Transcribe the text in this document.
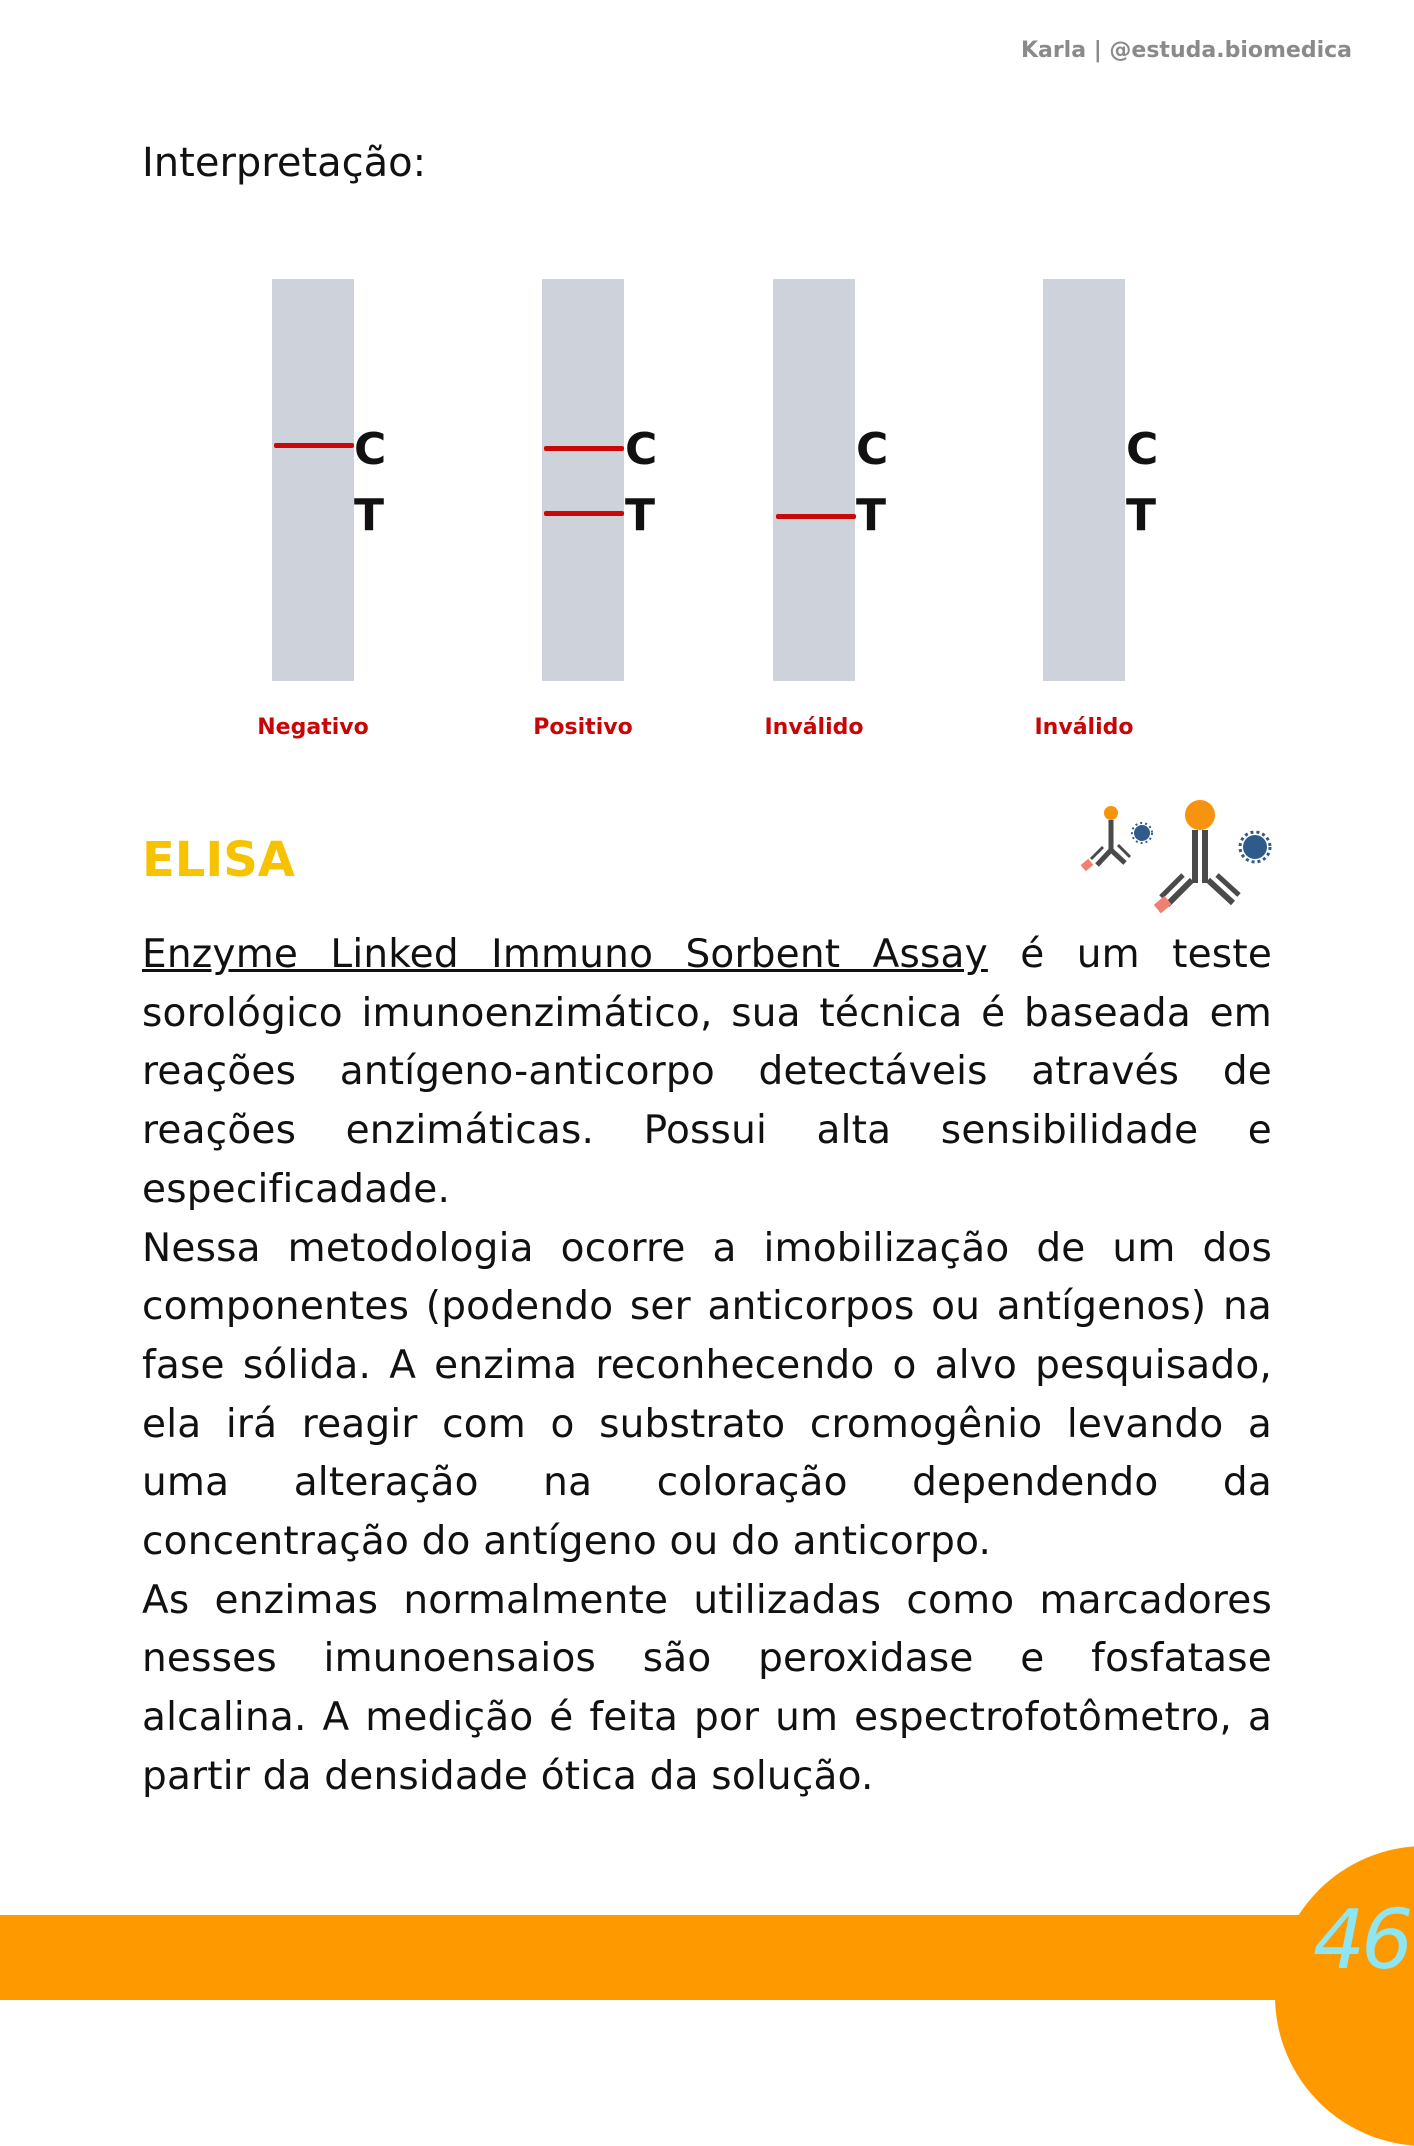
Karla | @estuda.biomedica
Interpretação:
C
T
Negativo
C
T
Positivo
C
T
Inválido
C
T
Inválido
ELISA

Enzyme Linked Immuno Sorbent Assay é um teste sorológico imunoenzimático, sua técnica é baseada em reações antígeno-anticorpo detectáveis através de reações enzimáticas. Possui alta sensibilidade e especificadade.

Nessa metodologia ocorre a imobilização de um dos componentes (podendo ser anticorpos ou antígenos) na fase sólida. A enzima reconhecendo o alvo pesquisado, ela irá reagir com o substrato cromogênio levando a uma alteração na coloração dependendo da concentração do antígeno ou do anticorpo.

As enzimas normalmente utilizadas como marcadores nesses imunoensaios são peroxidase e fosfatase alcalina. A medição é feita por um espectrofotômetro, a partir da densidade ótica da solução.

46
